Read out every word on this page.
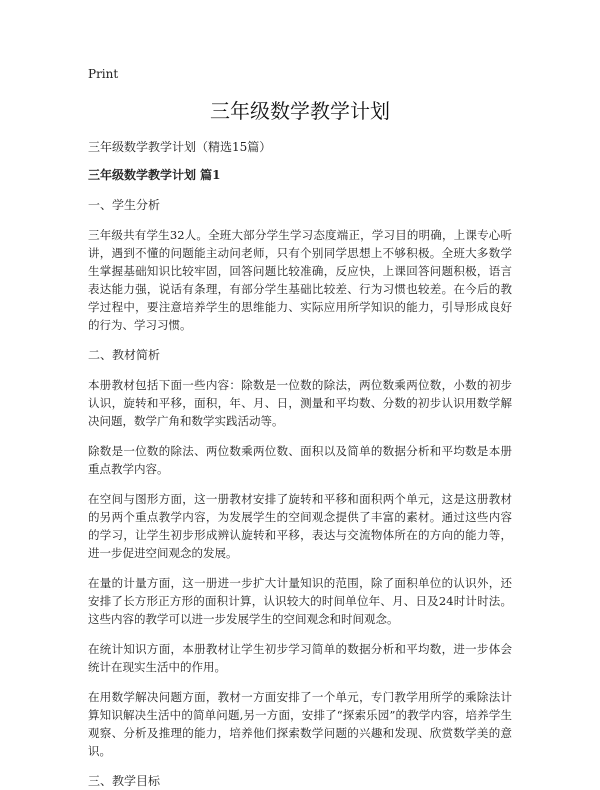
Print
三年级数学教学计划

三年级数学教学计划（精选15篇）

三年级数学教学计划 篇1

一、学生分析

三年级共有学生32人。全班大部分学生学习态度端正，学习目的明确，上课专心听讲，遇到不懂的问题能主动问老师，只有个别同学思想上不够积极。全班大多数学生掌握基础知识比较牢固，回答问题比较准确，反应快，上课回答问题积极，语言表达能力强，说话有条理，有部分学生基础比较差、行为习惯也较差。在今后的教学过程中，要注意培养学生的思维能力、实际应用所学知识的能力，引导形成良好的行为、学习习惯。

二、教材简析

本册教材包括下面一些内容：除数是一位数的除法，两位数乘两位数，小数的初步认识，旋转和平移，面积，年、月、日，测量和平均数、分数的初步认识用数学解决问题，数学广角和数学实践活动等。

除数是一位数的除法、两位数乘两位数、面积以及简单的数据分析和平均数是本册重点教学内容。

在空间与图形方面，这一册教材安排了旋转和平移和面积两个单元，这是这册教材的另两个重点教学内容，为发展学生的空间观念提供了丰富的素材。通过这些内容的学习，让学生初步形成辨认旋转和平移，表达与交流物体所在的方向的能力等，进一步促进空间观念的发展。

在量的计量方面，这一册进一步扩大计量知识的范围，除了面积单位的认识外，还安排了长方形正方形的面积计算，认识较大的时间单位年、月、日及24时计时法。这些内容的教学可以进一步发展学生的空间观念和时间观念。

在统计知识方面，本册教材让学生初步学习简单的数据分析和平均数，进一步体会统计在现实生活中的作用。

在用数学解决问题方面，教材一方面安排了一个单元，专门教学用所学的乘除法计算知识解决生活中的简单问题,另一方面，安排了“探索乐园”的教学内容，培养学生观察、分析及推理的能力，培养他们探索数学问题的兴趣和发现、欣赏数学美的意识。

三、教学目标
